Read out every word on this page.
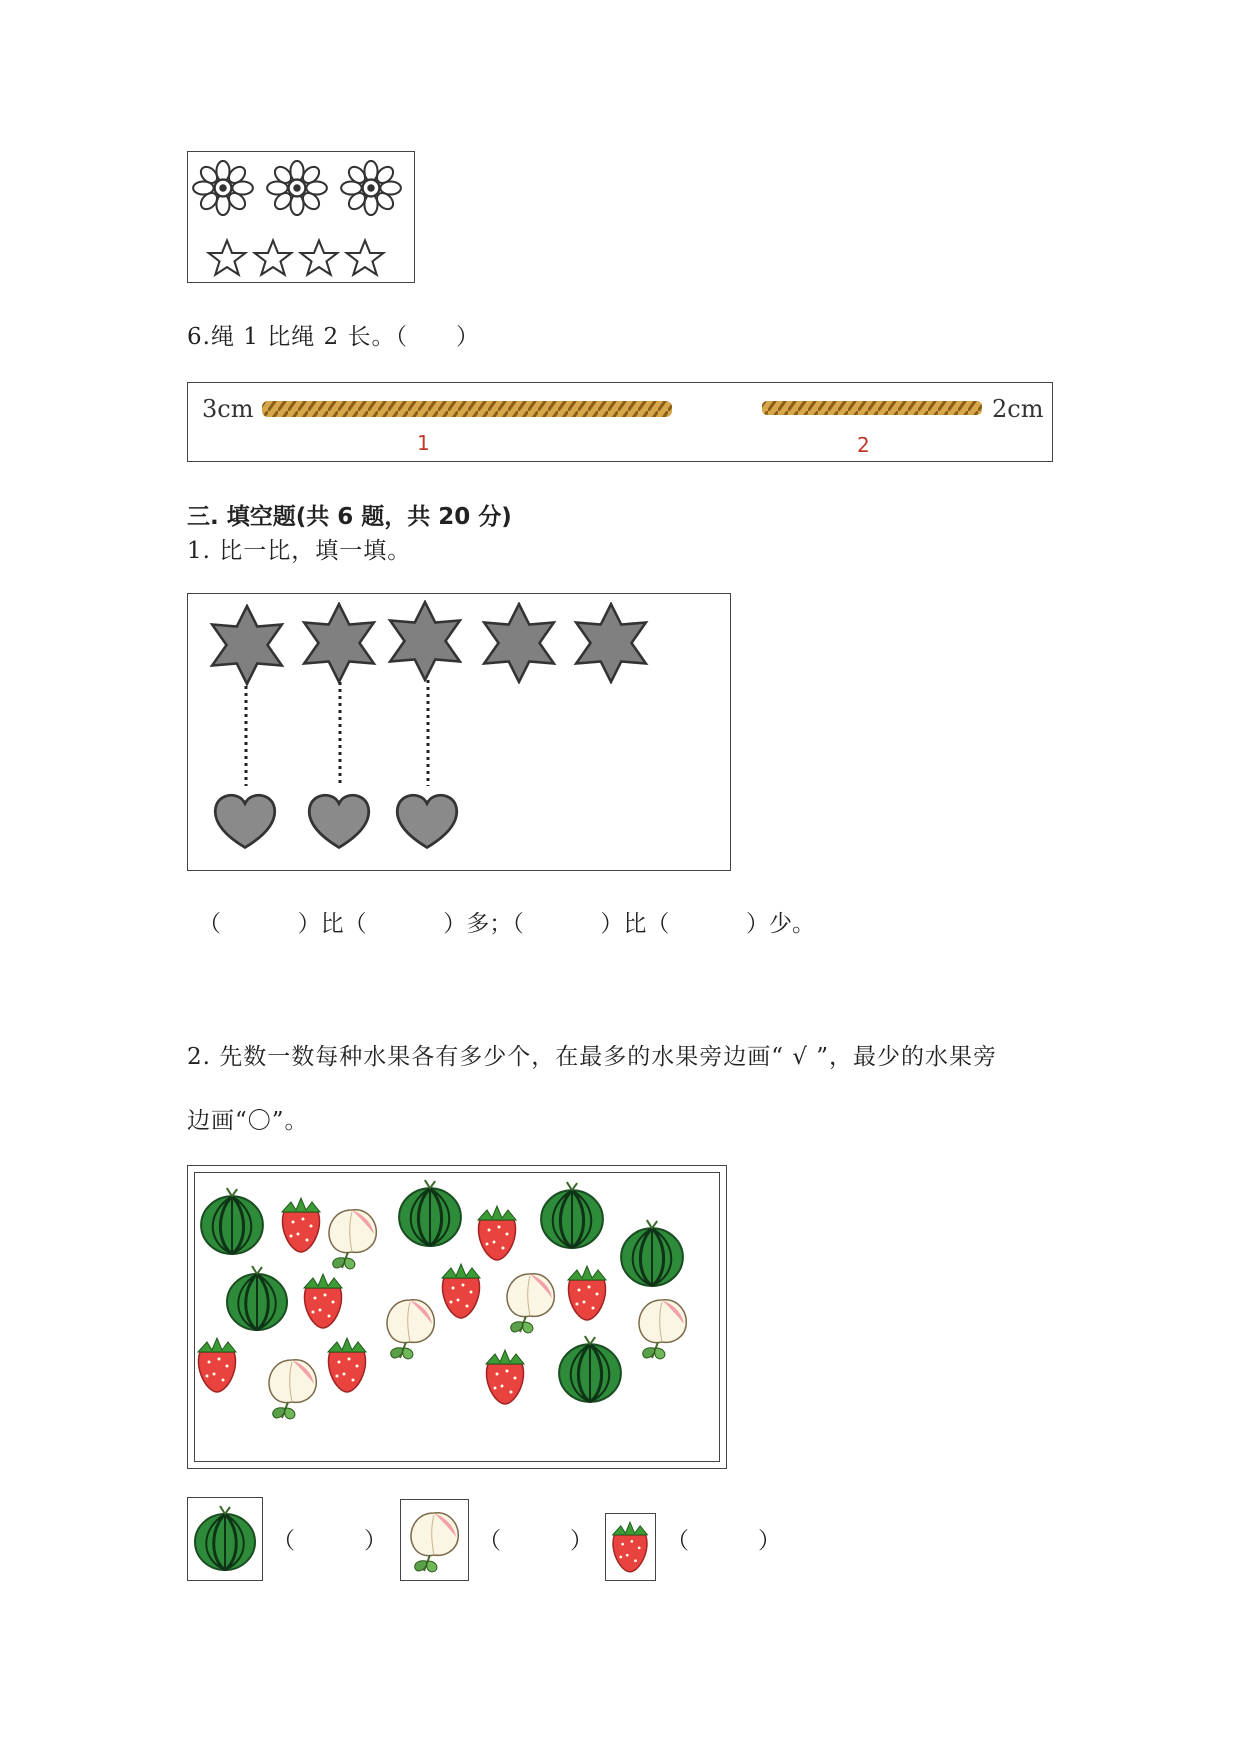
6.绳 1 比绳 2 长。（　　）
3cm
1
2cm
2
三. 填空题(共 6 题，共 20 分)
1. 比一比，填一填。
（	）比（	）多；（	）比（	）少。
2. 先数一数每种水果各有多少个，在最多的水果旁边画“ √ ”，最少的水果旁
边画“〇”。
（　　　）	（　　　）	（　　　）
